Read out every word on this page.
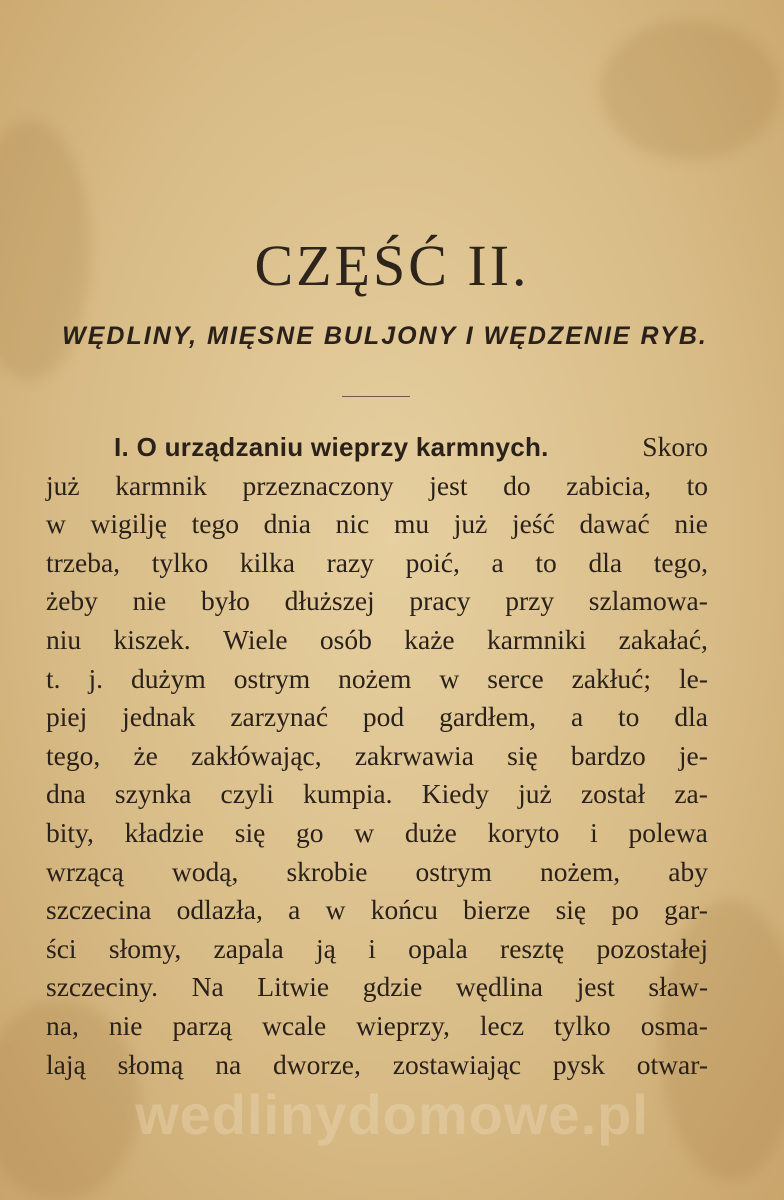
CZĘŚĆ II.
WĘDLINY, MIĘSNE BULJONY I WĘDZENIE RYB.
I. O urządzaniu wieprzy karmnych.	Skoro
już karmnik przeznaczony jest do zabicia, to
w wigilję tego dnia nic mu już jeść dawać nie
trzeba, tylko kilka razy poić, a to dla tego,
żeby nie było dłuższej pracy przy szlamowa-
niu kiszek. Wiele osób każe karmniki zakałać,
t. j. dużym ostrym nożem w serce zakłuć; le-
piej jednak zarzynać pod gardłem, a to dla
tego, że zakłówając, zakrwawia się bardzo je-
dna szynka czyli kumpia. Kiedy już został za-
bity, kładzie się go w duże koryto i polewa
wrzącą wodą, skrobie ostrym nożem, aby
szczecina odlazła, a w końcu bierze się po gar-
ści słomy, zapala ją i opala resztę pozostałej
szczeciny. Na Litwie gdzie wędlina jest sław-
na, nie parzą wcale wieprzy, lecz tylko osma-
lają słomą na dworze, zostawiając pysk otwar-
wedlinydomowe.pl
